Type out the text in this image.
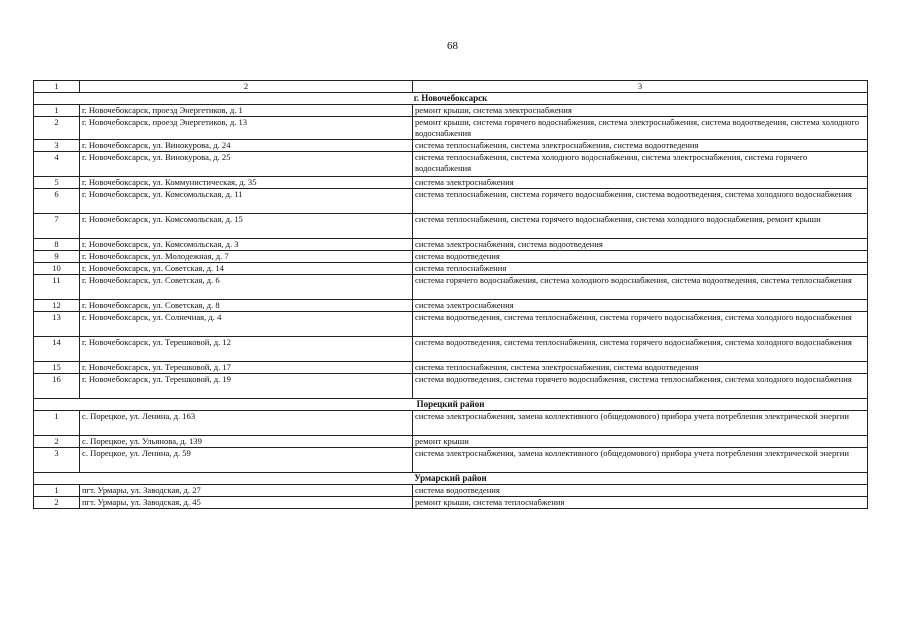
68
1	2	3
г. Новочебоксарск		
1	г. Новочебоксарск, проезд Энергетиков, д. 1	ремонт крыши, система электроснабжения
2	г. Новочебоксарск, проезд Энергетиков, д. 13	ремонт крыши, система горячего водоснабжения, система электроснабжения, система водоотведения, система холодного водоснабжения
3	г. Новочебоксарск, ул. Винокурова, д. 24	система теплоснабжения, система электроснабжения, система водоотведения
4	г. Новочебоксарск, ул. Винокурова, д. 25	система теплоснабжения, система холодного водоснабжения, система электроснабжения, система горячего водоснабжения
5	г. Новочебоксарск, ул. Коммунистическая, д. 35	система электроснабжения
6	г. Новочебоксарск, ул. Комсомольская, д. 11	система теплоснабжения, система горячего водоснабжения, система водоотведения, система холодного водоснабжения
7	г. Новочебоксарск, ул. Комсомольская, д. 15	система теплоснабжения, система горячего водоснабжения, система холодного водоснабжения, ремонт крыши
8	г. Новочебоксарск, ул. Комсомольская, д. 3	система электроснабжения, система водоотведения
9	г. Новочебоксарск, ул. Молодежная, д. 7	система водоотведения
10	г. Новочебоксарск, ул. Советская, д. 14	система теплоснабжения
11	г. Новочебоксарск, ул. Советская, д. 6	система горячего водоснабжения, система холодного водоснабжения, система водоотведения, система теплоснабжения
12	г. Новочебоксарск, ул. Советская, д. 8	система электроснабжения
13	г. Новочебоксарск, ул. Солнечная, д. 4	система водоотведения, система теплоснабжения, система горячего водоснабжения, система холодного водоснабжения
14	г. Новочебоксарск, ул. Терешковой, д. 12	система водоотведения, система теплоснабжения, система горячего водоснабжения, система холодного водоснабжения
15	г. Новочебоксарск, ул. Терешковой, д. 17	система теплоснабжения, система электроснабжения, система водоотведения
16	г. Новочебоксарск, ул. Терешковой, д. 19	система водоотведения, система горячего водоснабжения, система теплоснабжения, система холодного водоснабжения
Порецкий район		
1	с. Порецкое, ул. Ленина, д. 163	система электроснабжения, замена коллективного (общедомового) прибора учета потребления электрической энергии
2	с. Порецкое, ул. Ульянова, д. 139	ремонт крыши
3	с. Порецкое, ул. Ленина, д. 59	система электроснабжения, замена коллективного (общедомового) прибора учета потребления электрической энергии
Урмарский район		
1	пгт. Урмары, ул. Заводская, д. 27	система водоотведения
2	пгт. Урмары, ул. Заводская, д. 45	ремонт крыши, система теплоснабжения
